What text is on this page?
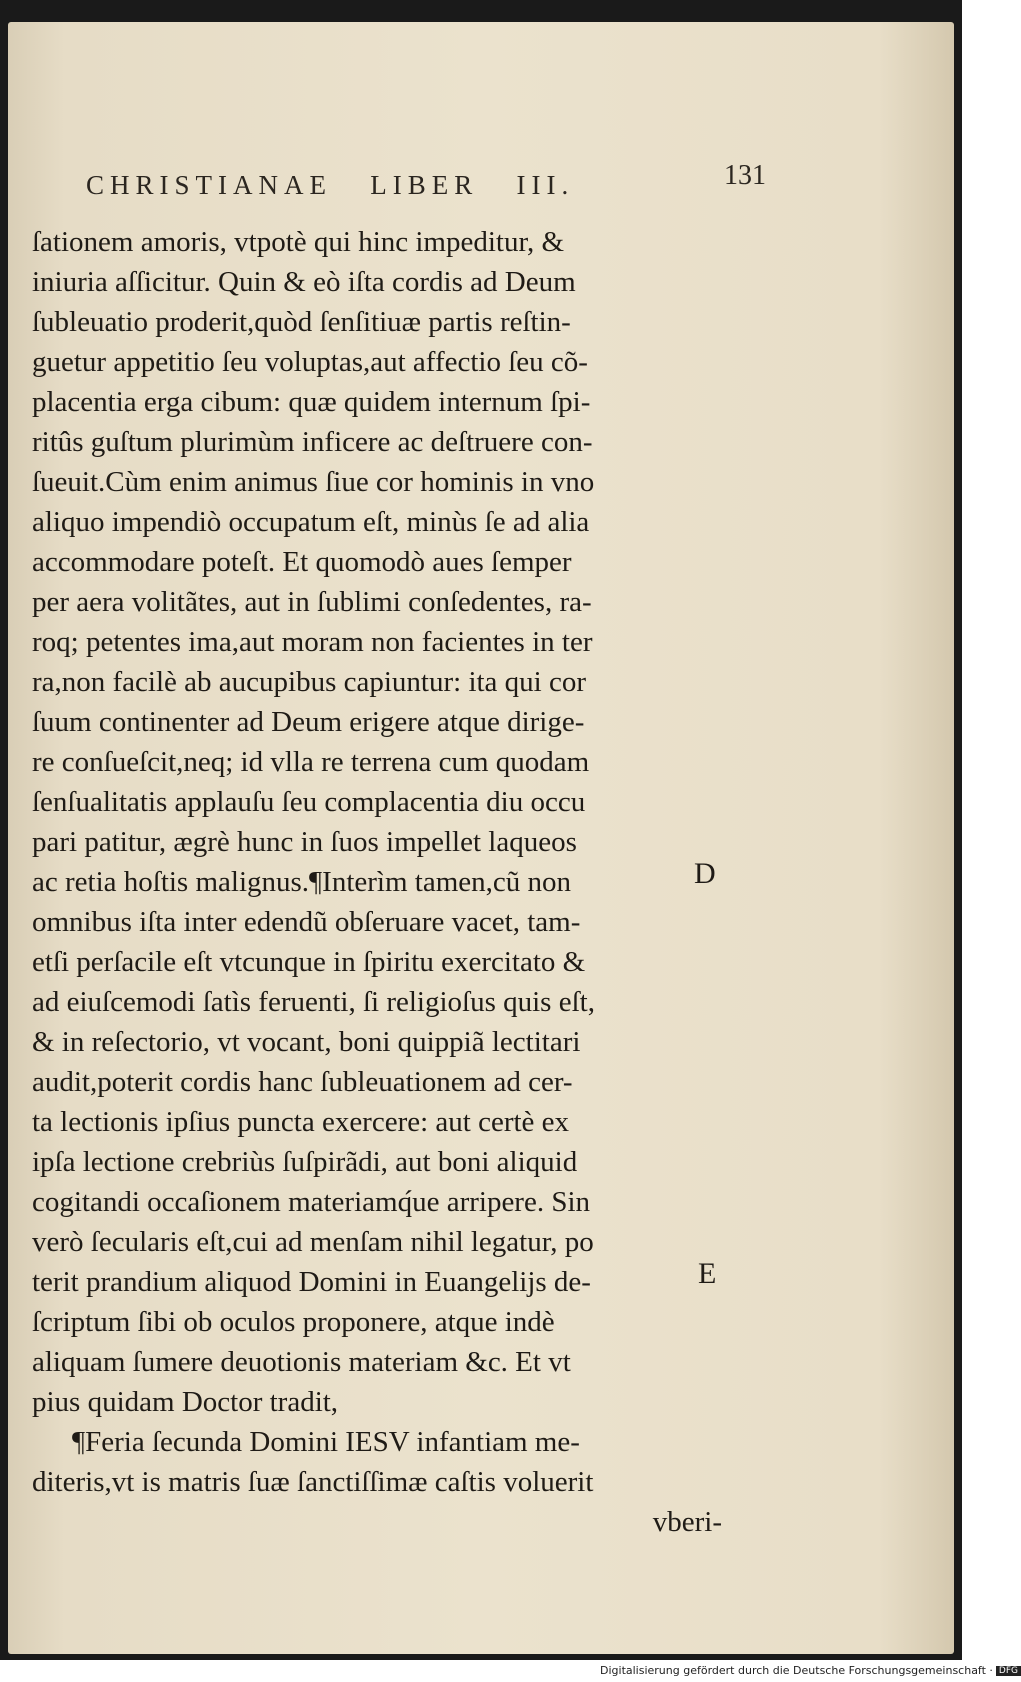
CHRISTIANAE   LIBER   III.	131
ſationem amoris, vtpotè qui hinc impeditur, &
iniuria aſſicitur. Quin & eò iſta cordis ad Deum
ſubleuatio proderit,quòd ſenſitiuæ partis reſtin-
guetur appetitio ſeu voluptas,aut affectio ſeu cõ-
placentia erga cibum: quæ quidem internum ſpi-
ritûs guſtum plurimùm inficere ac deſtruere con-
ſueuit.Cùm enim animus ſiue cor hominis in vno
aliquo impendiò occupatum eſt, minùs ſe ad alia
accommodare poteſt. Et quomodò aues ſemper
per aera volitãtes, aut in ſublimi conſedentes, ra-
roq; petentes ima,aut moram non facientes in ter
ra,non facilè ab aucupibus capiuntur: ita qui cor
ſuum continenter ad Deum erigere atque dirige-
re conſueſcit,neq; id vlla re terrena cum quodam
ſenſualitatis applauſu ſeu complacentia diu occu
pari patitur, ægrè hunc in ſuos impellet laqueos
ac retia hoſtis malignus.¶Interìm tamen,cũ non
omnibus iſta inter edendũ obſeruare vacet, tam-
etſi perſacile eſt vtcunque in ſpiritu exercitato &
ad eiuſcemodi ſatìs feruenti, ſi religioſus quis eſt,
& in reſectorio, vt vocant, boni quippiã lectitari
audit,poterit cordis hanc ſubleuationem ad cer-
ta lectionis ipſius puncta exercere: aut certè ex
ipſa lectione crebriùs ſuſpirãdi, aut boni aliquid
cogitandi occaſionem materiamq́ue arripere. Sin
verò ſecularis eſt,cui ad menſam nihil legatur, po
terit prandium aliquod Domini in Euangelijs de-
ſcriptum ſibi ob oculos proponere, atque indè
aliquam ſumere deuotionis materiam &c. Et vt
pius quidam Doctor tradit,
¶Feria ſecunda Domini IESV infantiam me-
diteris,vt is matris ſuæ ſanctiſſimæ caſtis voluerit
vberi-
D
E
Digitalisierung gefördert durch die Deutsche Forschungsgemeinschaft · DFG
